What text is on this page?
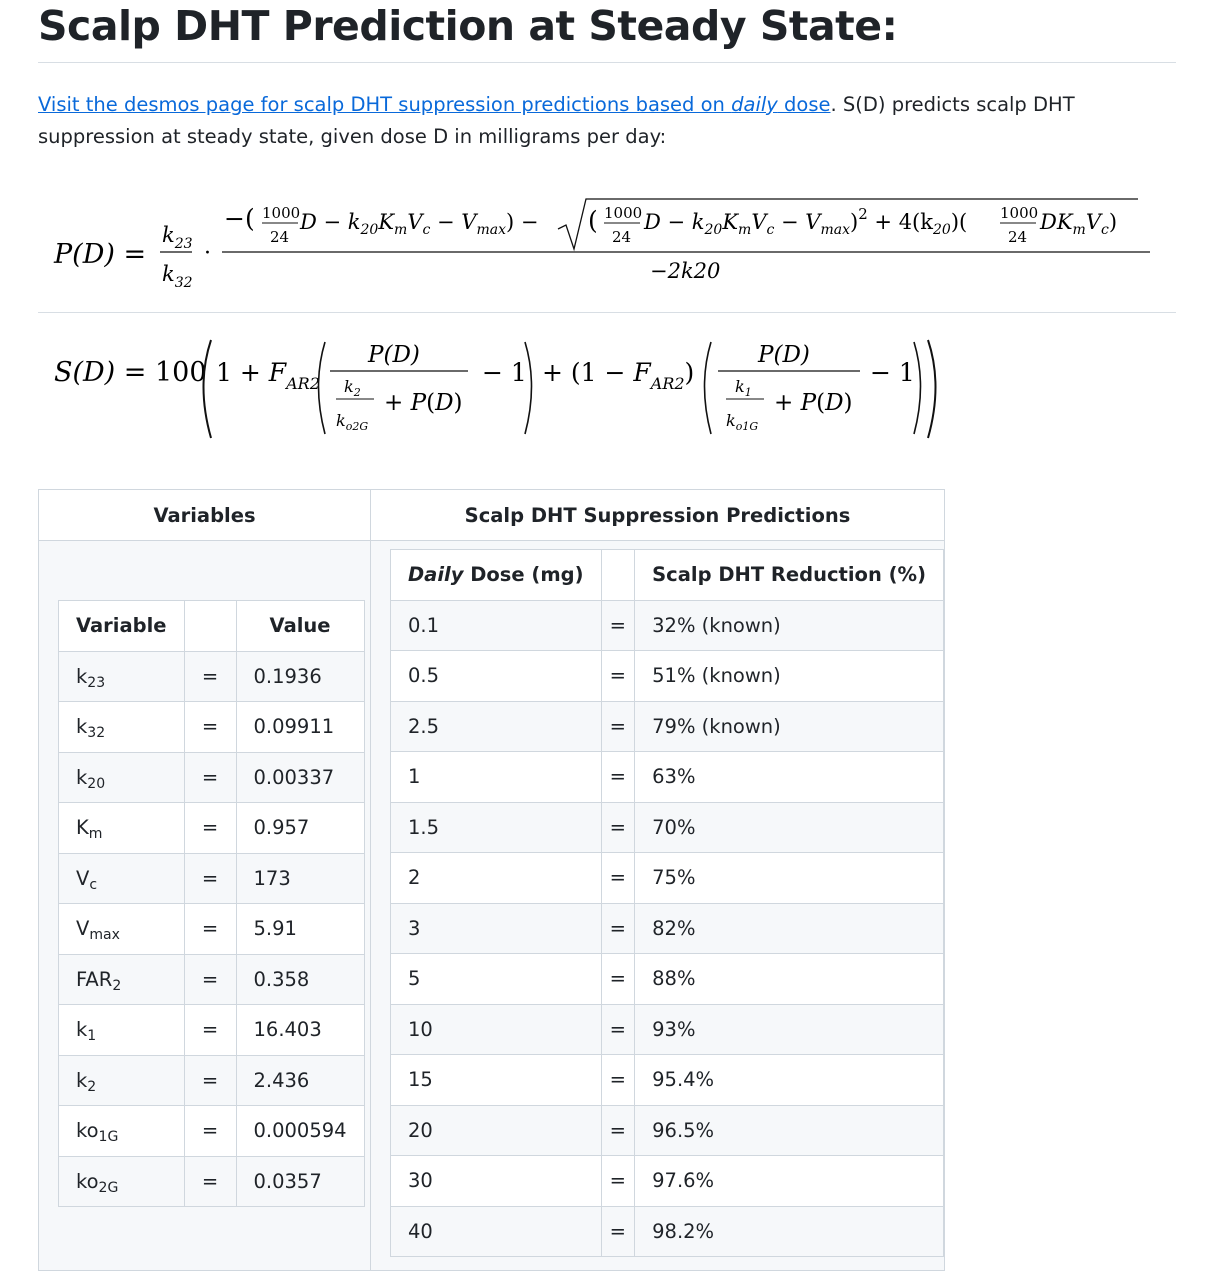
Scalp DHT Prediction at Steady State:
Visit the desmos page for scalp DHT suppression predictions based on daily dose. S(D) predicts scalp DHT suppression at steady state, given dose D in milligrams per day:
P(D) =
$k_{23}$
$k_{32}$
·
−( 1000
24
$D - k_{20}K_mV_c - V_{max}$) − ( 1000
24
$D - k_{20}K_mV_c - V_{max})^2 + 4(k_{20})$( 1000
24
$DK_mV_c$)
−2k20
S(D) = 100 $1 + F_{AR2}$
P(D)
$k_2$
$k_{o2G}$
+ P(D)
− $1 + (1 - F_{AR2})$
P(D)
$k_1$
$k_{o1G}$
+ P(D)
− 1
Variables	Scalp DHT Suppression Predictions

Variable		Value
$k_{23}$	=	0.1936
$k_{32}$	=	0.09911
$k_{20}$	=	0.00337
$K_m$	=	0.957
$V_c$	=	173
$V_{max}$	=	5.91
$FAR_2$	=	0.358
$k_1$	=	16.403
$k_2$	=	2.436
$ko_{1G}$	=	0.000594
$ko_{2G}$	=	0.0357

Daily Dose (mg)		Scalp DHT Reduction (%)
0.1	=	32% (known)
0.5	=	51% (known)
2.5	=	79% (known)
1	=	63%
1.5	=	70%
2	=	75%
3	=	82%
5	=	88%
10	=	93%
15	=	95.4%
20	=	96.5%
30	=	97.6%
40	=	98.2%
